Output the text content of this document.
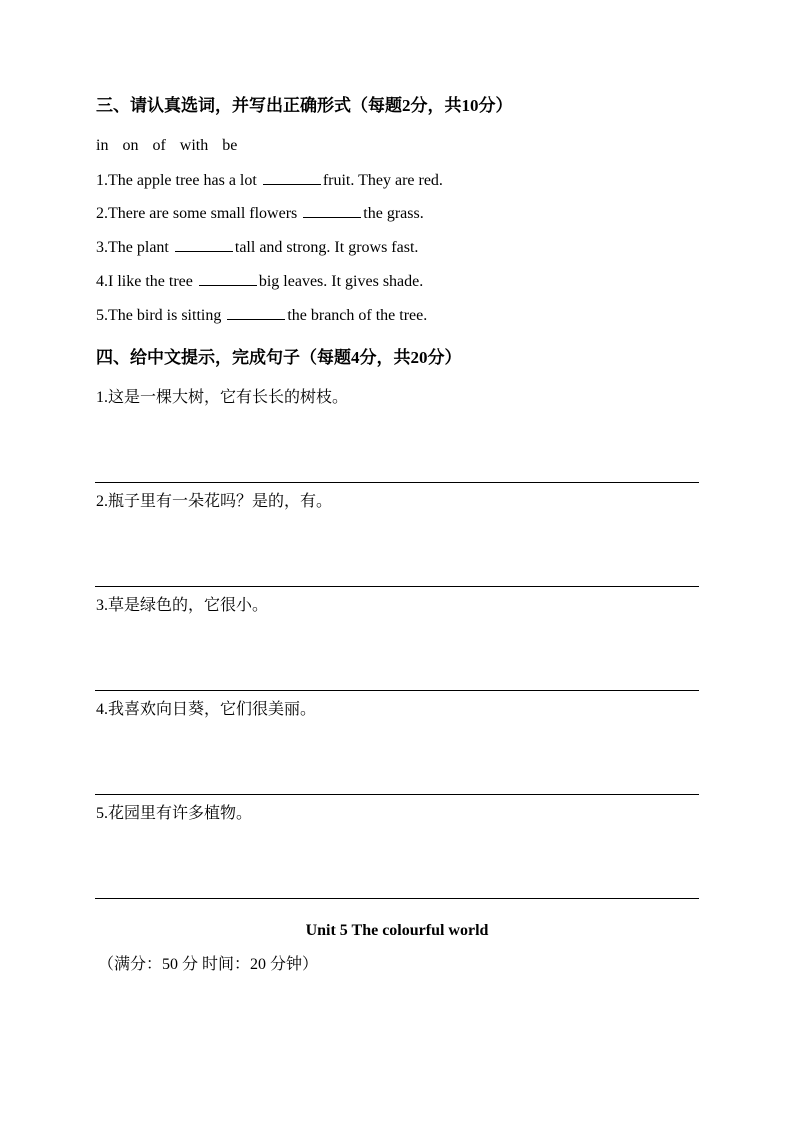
三、请认真选词，并写出正确形式（每题2分，共10分）
in on of with be
1.The apple tree has a lot	fruit. They are red.
2.There are some small flowers	the grass.
3.The plant	tall and strong. It grows fast.
4.I like the tree	big leaves. It gives shade.
5.The bird is sitting	the branch of the tree.
四、给中文提示，完成句子（每题4分，共20分）
1.这是一棵大树，它有长长的树枝。
2.瓶子里有一朵花吗？是的，有。
3.草是绿色的，它很小。
4.我喜欢向日葵，它们很美丽。
5.花园里有许多植物。
Unit 5 The colourful world
（满分：50 分 时间：20 分钟）
